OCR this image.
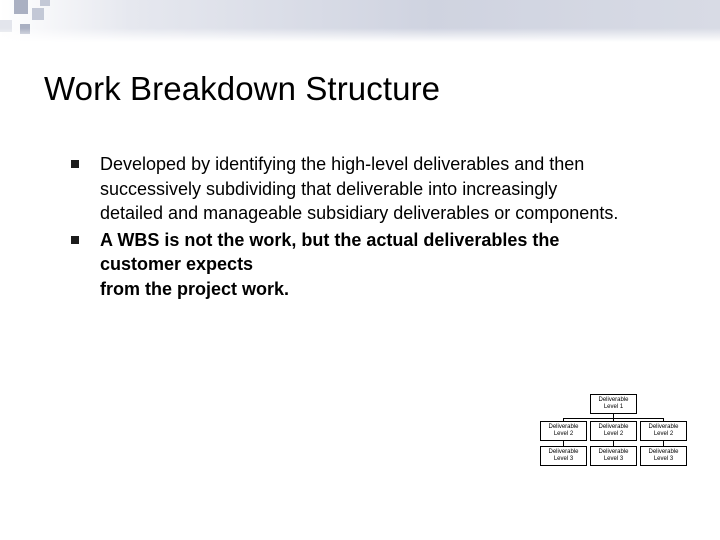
Work Breakdown Structure
Developed by identifying the high-level deliverables and then
successively subdividing that deliverable into increasingly
detailed and manageable subsidiary deliverables or components.
A WBS is not the work, but the actual deliverables the
customer expects
from the project work.
Deliverable
Level 1
Deliverable
Level 2
Deliverable
Level 2
Deliverable
Level 2
Deliverable
Level 3
Deliverable
Level 3
Deliverable
Level 3
